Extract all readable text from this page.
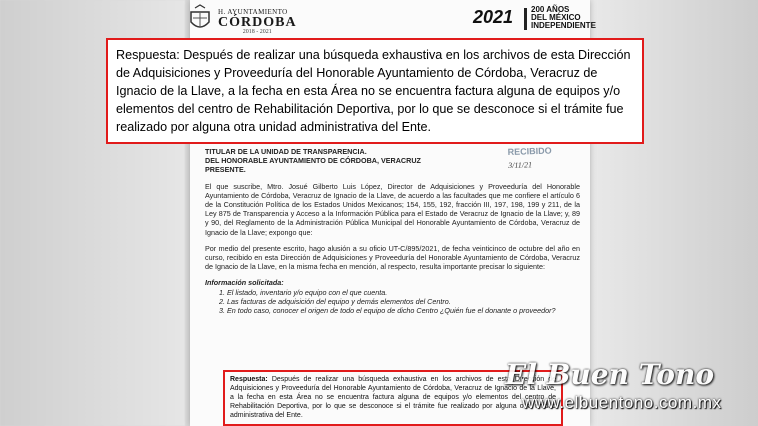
H. AYUNTAMIENTO
CÓRDOBA
2018 - 2021
2021 200 AÑOS
DEL MÉXICO
INDEPENDIENTE
Respuesta: Después de realizar una búsqueda exhaustiva en los archivos de esta Dirección de Adquisiciones y Proveeduría del Honorable Ayuntamiento de Córdoba, Veracruz de Ignacio de la Llave, a la fecha en esta Área no se encuentra factura alguna de equipos y/o elementos del centro de Rehabilitación Deportiva, por lo que se desconoce si el trámite fue realizado por alguna otra unidad administrativa del Ente.
RECIBIDO
3/11/21
TITULAR DE LA UNIDAD DE TRANSPARENCIA.
DEL HONORABLE AYUNTAMIENTO DE CÓRDOBA, VERACRUZ
PRESENTE.

El que suscribe, Mtro. Josué Gilberto Luis López, Director de Adquisiciones y Proveeduría del Honorable Ayuntamiento de Córdoba, Veracruz de Ignacio de la Llave, de acuerdo a las facultades que me confiere el artículo 6 de la Constitución Política de los Estados Unidos Mexicanos; 154, 155, 192, fracción III, 197, 198, 199 y 211, de la Ley 875 de Transparencia y Acceso a la Información Pública para el Estado de Veracruz de Ignacio de la Llave; y, 89 y 90, del Reglamento de la Administración Pública Municipal del Honorable Ayuntamiento de Córdoba, Veracruz de Ignacio de la Llave; expongo que:

Por medio del presente escrito, hago alusión a su oficio UT-C/895/2021, de fecha veinticinco de octubre del año en curso, recibido en esta Dirección de Adquisiciones y Proveeduría del Honorable Ayuntamiento de Córdoba, Veracruz de Ignacio de la Llave, en la misma fecha en mención, al respecto, resulta importante precisar lo siguiente:

Información solicitada:
1. El listado, inventario y/o equipo con el que cuenta.
2. Las facturas de adquisición del equipo y demás elementos del Centro.
3. En todo caso, conocer el origen de todo el equipo de dicho Centro ¿Quién fue el donante o proveedor?
Respuesta: Después de realizar una búsqueda exhaustiva en los archivos de esta Dirección de Adquisiciones y Proveeduría del Honorable Ayuntamiento de Córdoba, Veracruz de Ignacio de la Llave, a la fecha en esta Área no se encuentra factura alguna de equipos y/o elementos del centro de Rehabilitación Deportiva, por lo que se desconoce si el trámite fue realizado por alguna otra unidad administrativa del Ente.
El Buen Tono
www.elbuentono.com.mx
